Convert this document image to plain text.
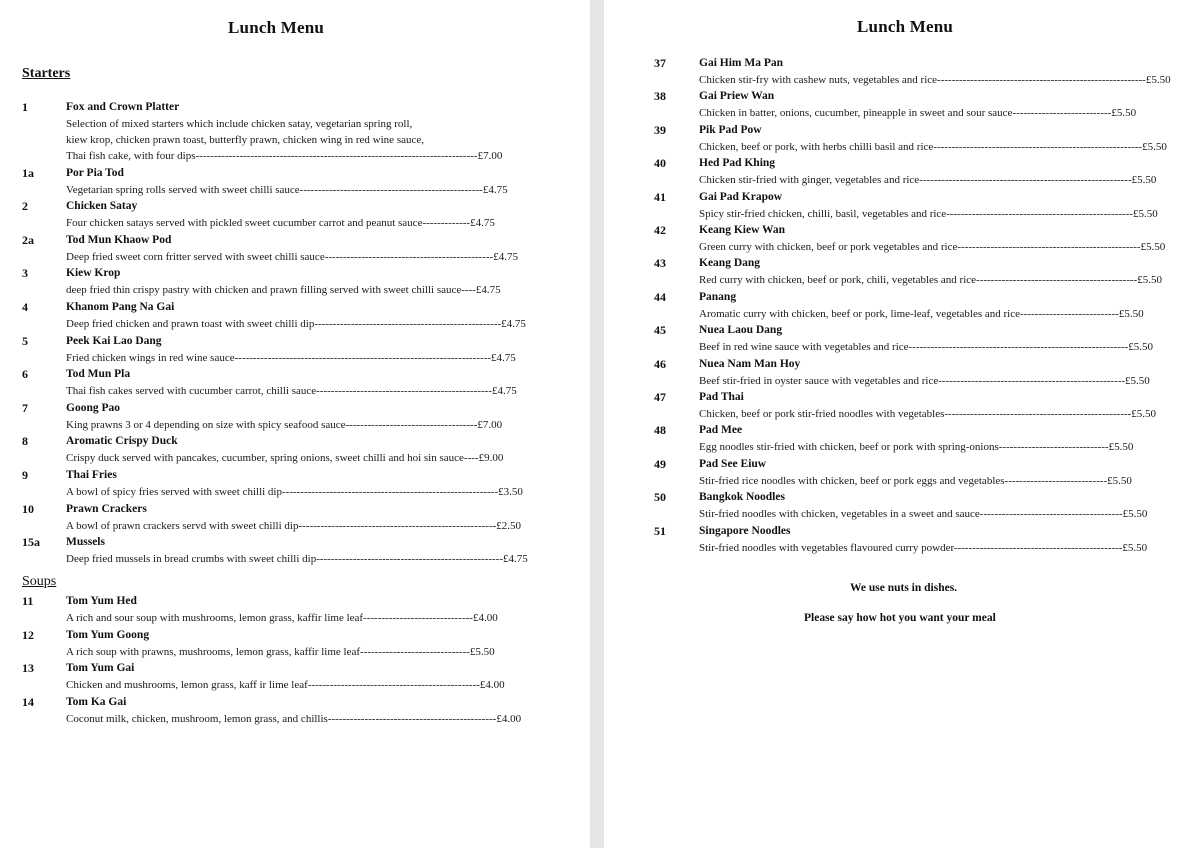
Lunch Menu
Starters
1	Fox and Crown Platter
Selection of mixed starters which include chicken satay, vegetarian spring roll,
kiew krop, chicken prawn toast, butterfly prawn, chicken wing in red wine sauce,
Thai fish cake, with four dips-----------------------------------------------------------------------------£7.00
1a	Por Pia Tod
Vegetarian spring rolls served with sweet chilli sauce--------------------------------------------------£4.75
2	Chicken Satay
Four chicken satays served with pickled sweet cucumber carrot and peanut sauce-------------£4.75
2a	Tod Mun Khaow Pod
Deep fried sweet corn fritter served with sweet chilli sauce----------------------------------------------£4.75
3	Kiew Krop
deep fried thin crispy pastry with chicken and prawn filling served with sweet chilli sauce----£4.75
4	Khanom Pang Na Gai
Deep fried chicken and prawn toast with sweet chilli dip---------------------------------------------------£4.75
5	Peek Kai Lao Dang
Fried chicken wings in red wine sauce----------------------------------------------------------------------£4.75
6	Tod Mun Pla
Thai fish cakes served with cucumber carrot, chilli sauce------------------------------------------------£4.75
7	Goong Pao
King prawns 3 or 4 depending on size with spicy seafood sauce------------------------------------£7.00
8	Aromatic Crispy Duck
Crispy duck served with pancakes, cucumber, spring onions, sweet chilli and hoi sin sauce----£9.00
9	Thai Fries
A bowl of spicy fries served with sweet chilli dip-----------------------------------------------------------£3.50
10	Prawn Crackers
A bowl of prawn crackers servd with sweet chilli dip------------------------------------------------------£2.50
15a Mussels
Deep fried mussels in bread crumbs with sweet chilli dip---------------------------------------------------£4.75
Soups
11	Tom Yum Hed
A rich and sour soup with mushrooms, lemon grass, kaffir lime leaf------------------------------£4.00
12	Tom Yum Goong
A rich soup with prawns, mushrooms, lemon grass, kaffir lime leaf------------------------------£5.50
13	Tom Yum Gai
Chicken and mushrooms, lemon grass, kaff ir lime leaf-----------------------------------------------£4.00
14	Tom Ka Gai
Coconut milk, chicken, mushroom, lemon grass, and chillis----------------------------------------------£4.00
Lunch Menu
37	Gai Him Ma Pan
Chicken stir-fry with cashew nuts, vegetables and rice---------------------------------------------------------£5.50
38	Gai Priew Wan
Chicken in batter, onions, cucumber, pineapple in sweet and sour sauce---------------------------£5.50
39	Pik Pad Pow
Chicken, beef or pork, with herbs chilli basil and rice---------------------------------------------------------£5.50
40	Hed Pad Khing
Chicken stir-fried with ginger, vegetables and rice----------------------------------------------------------£5.50
41	Gai Pad Krapow
Spicy stir-fried chicken, chilli, basil, vegetables and rice---------------------------------------------------£5.50
42	Keang Kiew Wan
Green curry with chicken, beef or pork vegetables and rice--------------------------------------------------£5.50
43	Keang Dang
Red curry with chicken, beef or pork, chili, vegetables and rice--------------------------------------------£5.50
44	Panang
Aromatic curry with chicken, beef or pork, lime-leaf, vegetables and rice---------------------------£5.50
45	Nuea Laou Dang
Beef in red wine sauce with vegetables and rice------------------------------------------------------------£5.50
46	Nuea Nam Man Hoy
Beef stir-fried in oyster sauce with vegetables and rice---------------------------------------------------£5.50
47	Pad Thai
Chicken, beef or pork stir-fried noodles with vegetables---------------------------------------------------£5.50
48	Pad Mee
Egg noodles stir-fried with chicken, beef or pork with spring-onions------------------------------£5.50
49	Pad See Eiuw
Stir-fried rice noodles with chicken, beef or pork eggs and vegetables----------------------------£5.50
50	Bangkok Noodles
Stir-fried noodles with chicken, vegetables in a sweet and sauce---------------------------------------£5.50
51	Singapore Noodles
Stir-fried noodles with vegetables flavoured curry powder----------------------------------------------£5.50
We use nuts in dishes.
Please say how hot you want your meal
